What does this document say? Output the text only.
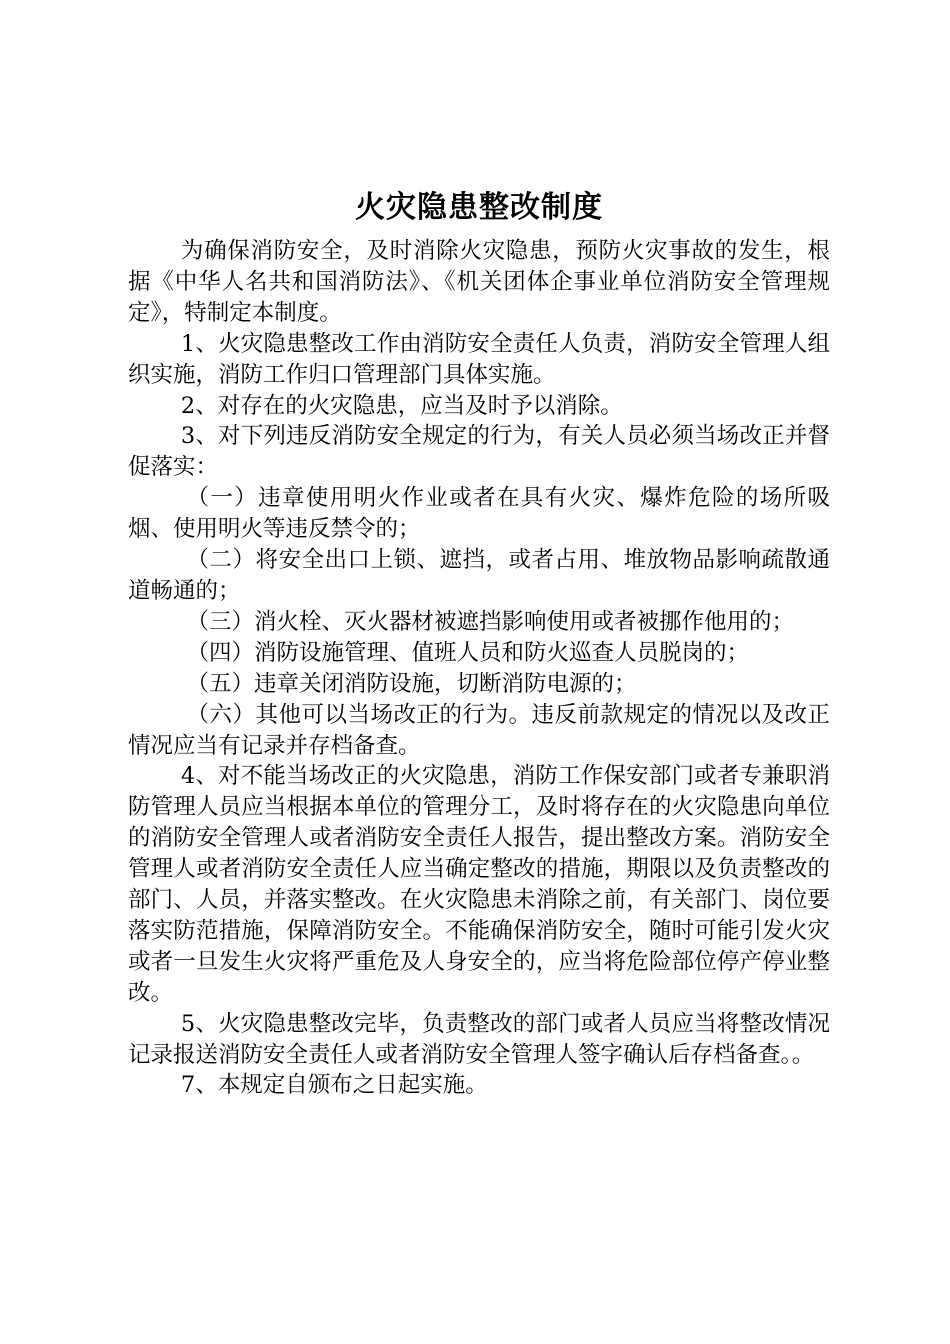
火灾隐患整改制度

为确保消防安全，及时消除火灾隐患，预防火灾事故的发生，根据《中华人名共和国消防法》、《机关团体企事业单位消防安全管理规定》，特制定本制度。

1、火灾隐患整改工作由消防安全责任人负责，消防安全管理人组织实施，消防工作归口管理部门具体实施。

2、对存在的火灾隐患，应当及时予以消除。

3、对下列违反消防安全规定的行为，有关人员必须当场改正并督促落实：

（一）违章使用明火作业或者在具有火灾、爆炸危险的场所吸烟、使用明火等违反禁令的；

（二）将安全出口上锁、遮挡，或者占用、堆放物品影响疏散通道畅通的；

（三）消火栓、灭火器材被遮挡影响使用或者被挪作他用的；

（四）消防设施管理、值班人员和防火巡查人员脱岗的；

（五）违章关闭消防设施，切断消防电源的；

（六）其他可以当场改正的行为。违反前款规定的情况以及改正情况应当有记录并存档备查。

4、对不能当场改正的火灾隐患，消防工作保安部门或者专兼职消防管理人员应当根据本单位的管理分工，及时将存在的火灾隐患向单位的消防安全管理人或者消防安全责任人报告，提出整改方案。消防安全管理人或者消防安全责任人应当确定整改的措施，期限以及负责整改的部门、人员，并落实整改。在火灾隐患未消除之前，有关部门、岗位要落实防范措施，保障消防安全。不能确保消防安全，随时可能引发火灾或者一旦发生火灾将严重危及人身安全的，应当将危险部位停产停业整改。

5、火灾隐患整改完毕，负责整改的部门或者人员应当将整改情况记录报送消防安全责任人或者消防安全管理人签字确认后存档备查。。

7、本规定自颁布之日起实施。
